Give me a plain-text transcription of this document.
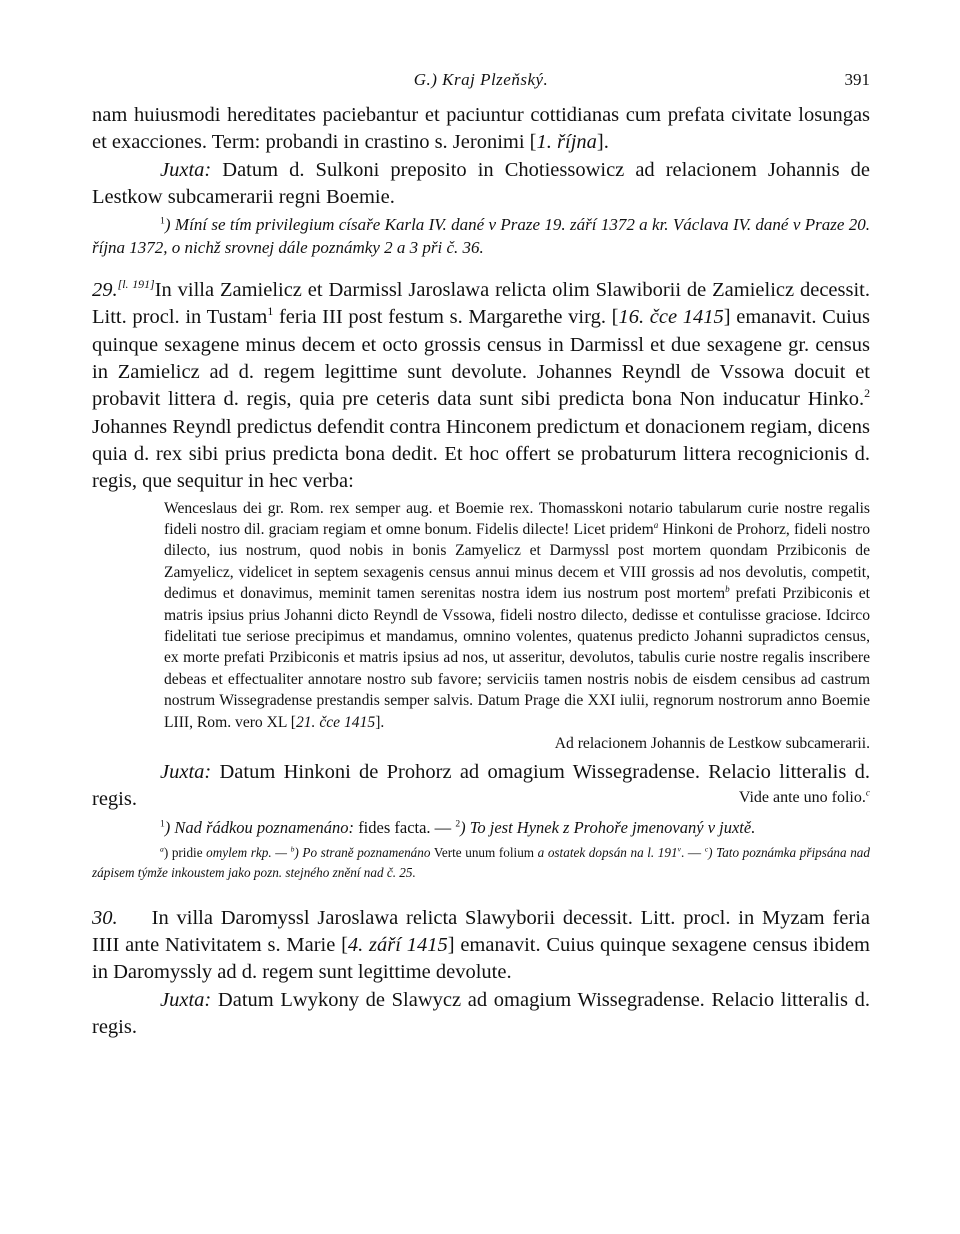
G.) Kraj Plzeňský.	391

nam huiusmodi hereditates paciebantur et paciuntur cottidianas cum prefata civitate losungas et exacciones. Term: probandi in crastino s. Jeronimi [1. října].
Juxta: Datum d. Sulkoni preposito in Chotiessowicz ad relacionem Johannis de Lestkow subcamerarii regni Boemie.

$^1$) Míní se tím privilegium císaře Karla IV. dané v Praze 19. září 1372 a kr. Václava IV. dané v Praze 20. října 1372, o nichž srovnej dále poznámky 2 a 3 při č. 36.

29.[l. 191]In villa Zamielicz et Darmissl Jaroslawa relicta olim Slawiborii de Zamielicz decessit. Litt. procl. in Tustam$^1$ feria III post festum s. Margarethe virg. [16. čce 1415] emanavit. Cuius quinque sexagene minus decem et octo grossis census in Darmissl et due sexagene gr. census in Zamielicz ad d. regem legittime sunt devolute. Johannes Reyndl de Vssowa docuit et probavit littera d. regis, quia pre ceteris data sunt sibi predicta bona Non inducatur Hinko.$^2$ Johannes Reyndl predictus defendit contra Hinconem predictum et donacionem regiam, dicens quia d. rex sibi prius predicta bona dedit. Et hoc offert se probaturum littera recognicionis d. regis, que sequitur in hec verba:

Wenceslaus dei gr. Rom. rex semper aug. et Boemie rex. Thomasskoni notario tabularum curie nostre regalis fideli nostro dil. graciam regiam et omne bonum. Fidelis dilecte! Licet pridem$^a$ Hinkoni de Prohorz, fideli nostro dilecto, ius nostrum, quod nobis in bonis Zamyelicz et Darmyssl post mortem quondam Przibiconis de Zamyelicz, videlicet in septem sexagenis census annui minus decem et VIII grossis ad nos devolutis, competit, dedimus et donavimus, meminit tamen serenitas nostra idem ius nostrum post mortem$^b$ prefati Przibiconis et matris ipsius prius Johanni dicto Reyndl de Vssowa, fideli nostro dilecto, dedisse et contulisse graciose. Idcirco fidelitati tue seriose precipimus et mandamus, omnino volentes, quatenus predicto Johanni supradictos census, ex morte prefati Przibiconis et matris ipsius ad nos, ut asseritur, devolutos, tabulis curie nostre regalis inscribere debeas et effectualiter annotare nostro sub favore; serviciis tamen nostris nobis de eisdem censibus ad castrum nostrum Wissegradense prestandis semper salvis. Datum Prage die XXI iulii, regnorum nostrorum anno Boemie LIII, Rom. vero XL [21. čce 1415].

Ad relacionem Johannis de Lestkow subcamerarii.

Juxta: Datum Hinkoni de Prohorz ad omagium Wissegradense. Relacio litteralis d. regis.	Vide ante uno folio.$^c$

$^1$) Nad řádkou poznamenáno: fides facta. — $^2$) To jest Hynek z Prohoře jmenovaný v juxtě.

$^a$) pridie omylem rkp. — $^b$) Po straně poznamenáno Verte unum folium a ostatek dopsán na l. 191$^v$. — $^c$) Tato poznámka připsána nad zápisem týmže inkoustem jako pozn. stejného znění nad č. 25.

30. In villa Daromyssl Jaroslawa relicta Slawyborii decessit. Litt. procl. in Myzam feria IIII ante Nativitatem s. Marie [4. září 1415] emanavit. Cuius quinque sexagene census ibidem in Daromyssly ad d. regem sunt legittime devolute.
Juxta: Datum Lwykony de Slawycz ad omagium Wissegradense. Relacio litteralis d. regis.
